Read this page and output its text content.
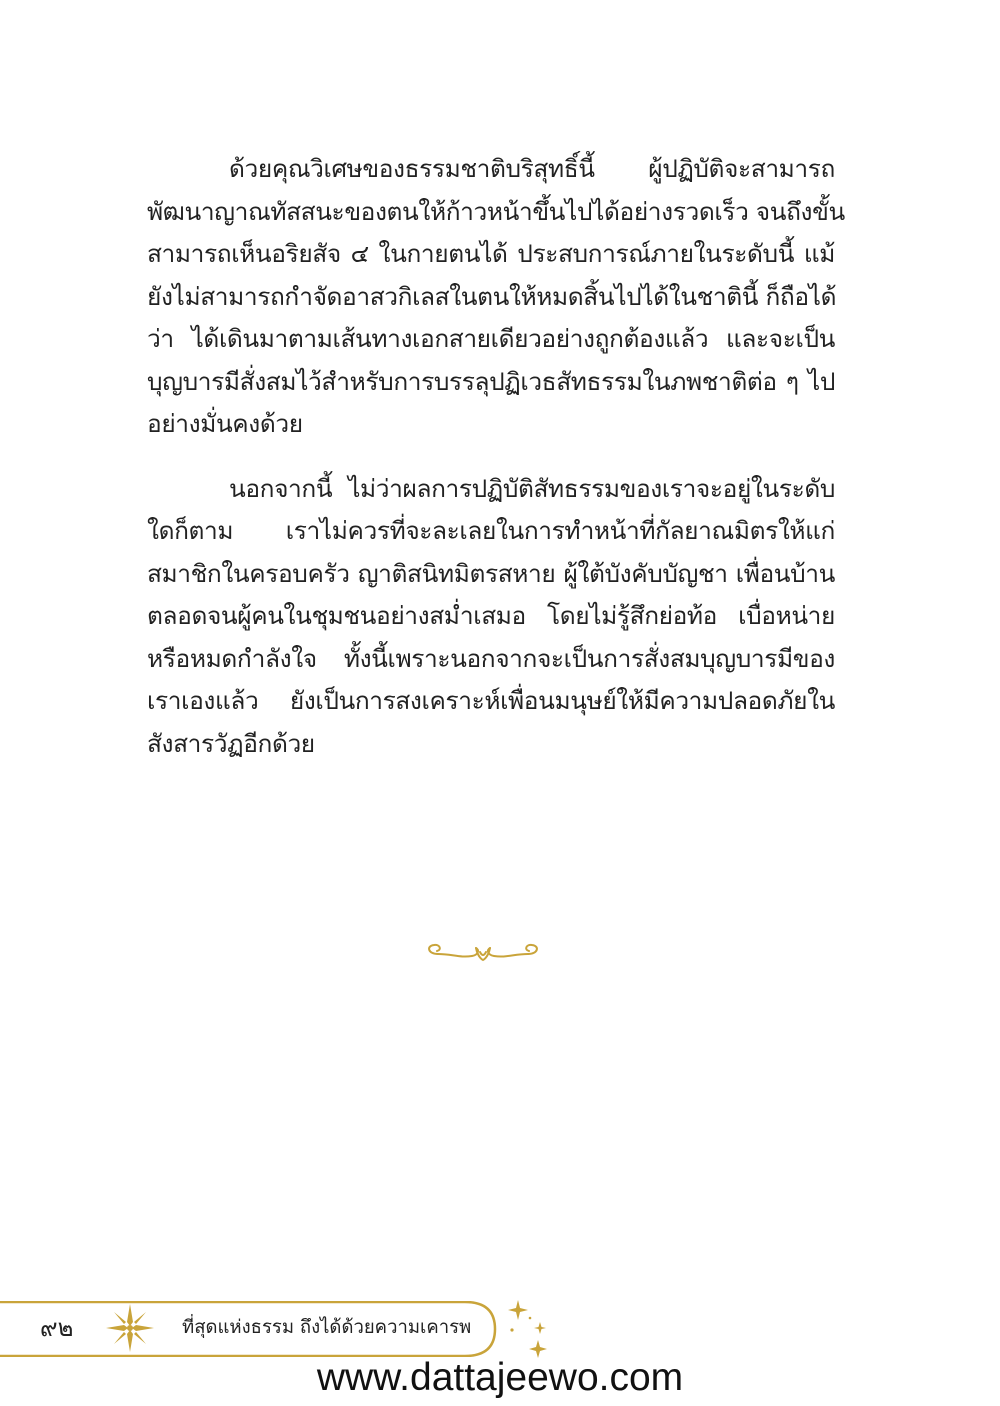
ด้วยคุณวิเศษของธรรมชาติบริสุทธิ์นี้ ผู้ปฏิบัติจะสามารถ
พัฒนาญาณทัสสนะของตนให้ก้าวหน้าขึ้นไปได้อย่างรวดเร็ว จนถึงขั้น
สามารถเห็นอริยสัจ ๔ ในกายตนได้ ประสบการณ์ภายในระดับนี้ แม้
ยังไม่สามารถกำจัดอาสวกิเลสในตนให้หมดสิ้นไปได้ในชาตินี้ ก็ถือได้
ว่า ได้เดินมาตามเส้นทางเอกสายเดียวอย่างถูกต้องแล้ว และจะเป็น
บุญบารมีสั่งสมไว้สำหรับการบรรลุปฏิเวธสัทธรรมในภพชาติต่อ ๆ ไป
อย่างมั่นคงด้วย

นอกจากนี้ ไม่ว่าผลการปฏิบัติสัทธรรมของเราจะอยู่ในระดับ
ใดก็ตาม เราไม่ควรที่จะละเลยในการทำหน้าที่กัลยาณมิตรให้แก่
สมาชิกในครอบครัว ญาติสนิทมิตรสหาย ผู้ใต้บังคับบัญชา เพื่อนบ้าน
ตลอดจนผู้คนในชุมชนอย่างสม่ำเสมอ โดยไม่รู้สึกย่อท้อ เบื่อหน่าย
หรือหมดกำลังใจ ทั้งนี้เพราะนอกจากจะเป็นการสั่งสมบุญบารมีของ
เราเองแล้ว ยังเป็นการสงเคราะห์เพื่อนมนุษย์ให้มีความปลอดภัยใน
สังสารวัฏอีกด้วย

๙๒	ที่สุดแห่งธรรม ถึงได้ด้วยความเคารพ
www.dattajeewo.com
